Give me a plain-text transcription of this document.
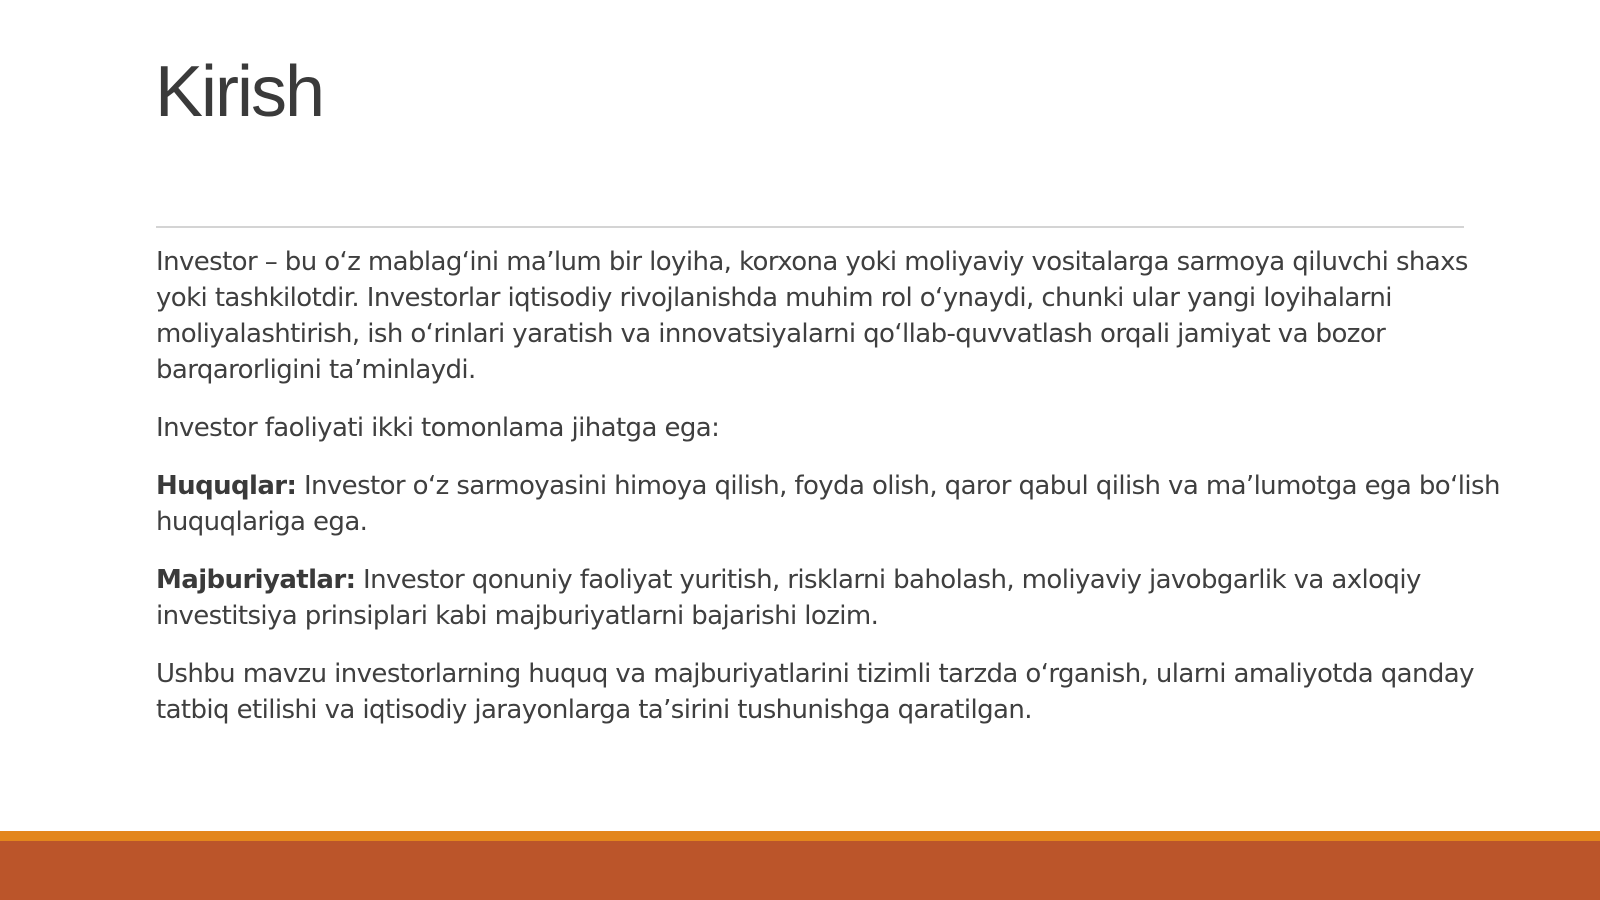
Kirish

Investor – bu o‘z mablag‘ini ma’lum bir loyiha, korxona yoki moliyaviy vositalarga sarmoya qiluvchi shaxs yoki tashkilotdir. Investorlar iqtisodiy rivojlanishda muhim rol o‘ynaydi, chunki ular yangi loyihalarni moliyalashtirish, ish o‘rinlari yaratish va innovatsiyalarni qo‘llab-quvvatlash orqali jamiyat va bozor barqarorligini ta’minlaydi.

Investor faoliyati ikki tomonlama jihatga ega:

Huquqlar: Investor o‘z sarmoyasini himoya qilish, foyda olish, qaror qabul qilish va ma’lumotga ega bo‘lish huquqlariga ega.

Majburiyatlar: Investor qonuniy faoliyat yuritish, risklarni baholash, moliyaviy javobgarlik va axloqiy investitsiya prinsiplari kabi majburiyatlarni bajarishi lozim.

Ushbu mavzu investorlarning huquq va majburiyatlarini tizimli tarzda o‘rganish, ularni amaliyotda qanday tatbiq etilishi va iqtisodiy jarayonlarga ta’sirini tushunishga qaratilgan.
